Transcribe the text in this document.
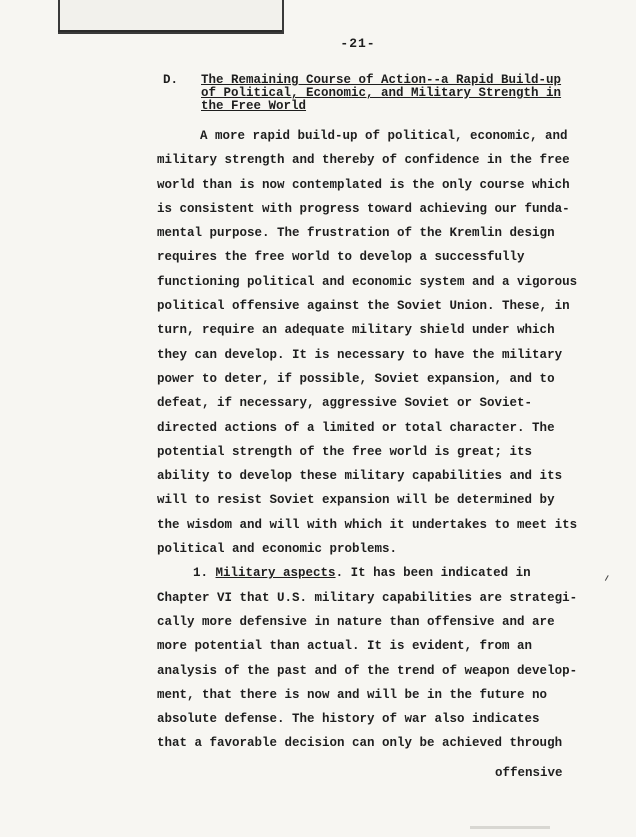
-21-
D. The Remaining Course of Action--a Rapid Build-up
of Political, Economic, and Military Strength in
the Free World
A more rapid build-up of political, economic, and
military strength and thereby of confidence in the free
world than is now contemplated is the only course which
is consistent with progress toward achieving our funda-
mental purpose. The frustration of the Kremlin design
requires the free world to develop a successfully
functioning political and economic system and a vigorous
political offensive against the Soviet Union. These, in
turn, require an adequate military shield under which
they can develop. It is necessary to have the military
power to deter, if possible, Soviet expansion, and to
defeat, if necessary, aggressive Soviet or Soviet-
directed actions of a limited or total character. The
potential strength of the free world is great; its
ability to develop these military capabilities and its
will to resist Soviet expansion will be determined by
the wisdom and will with which it undertakes to meet its
political and economic problems.
1. Military aspects. It has been indicated in
Chapter VI that U.S. military capabilities are strategi-
cally more defensive in nature than offensive and are
more potential than actual. It is evident, from an
analysis of the past and of the trend of weapon develop-
ment, that there is now and will be in the future no
absolute defense. The history of war also indicates
that a favorable decision can only be achieved through
offensive
